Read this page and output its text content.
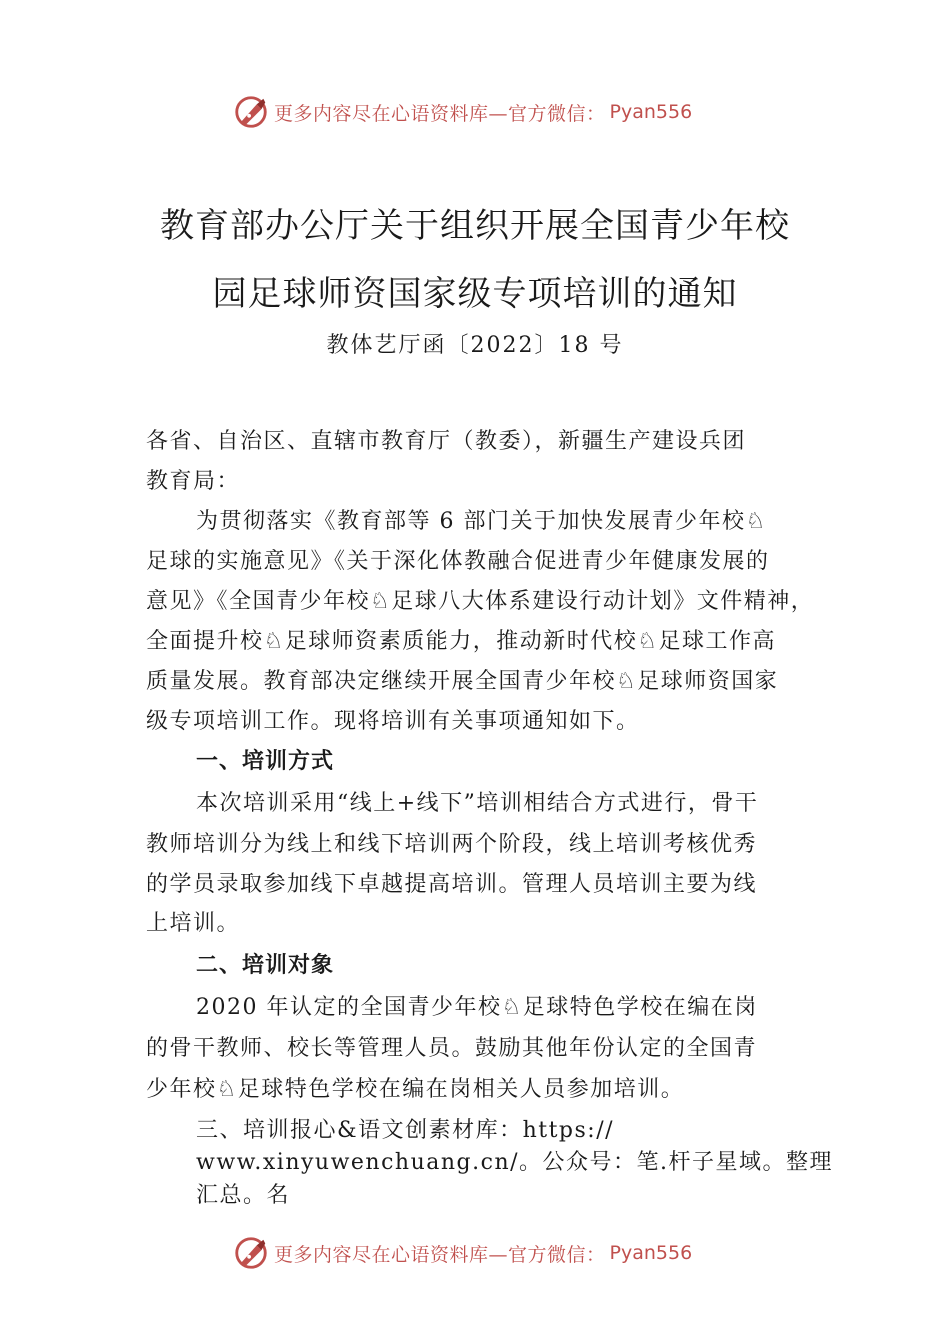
更多内容尽在心语资料库—官方微信： Pyan556
教育部办公厅关于组织开展全国青少年校
园足球师资国家级专项培训的通知
教体艺厅函〔2022〕18 号
各省、自治区、直辖市教育厅（教委），新疆生产建设兵团
教育局：
为贯彻落实《教育部等 6 部门关于加快发展青少年校♘
足球的实施意见》《关于深化体教融合促进青少年健康发展的
意见》《全国青少年校♘足球八大体系建设行动计划》文件精神，
全面提升校♘足球师资素质能力，推动新时代校♘足球工作高
质量发展。教育部决定继续开展全国青少年校♘足球师资国家
级专项培训工作。现将培训有关事项通知如下。
一、培训方式
本次培训采用“线上+线下”培训相结合方式进行，骨干
教师培训分为线上和线下培训两个阶段，线上培训考核优秀
的学员录取参加线下卓越提高培训。管理人员培训主要为线
上培训。
二、培训对象
2020 年认定的全国青少年校♘足球特色学校在编在岗
的骨干教师、校长等管理人员。鼓励其他年份认定的全国青
少年校♘足球特色学校在编在岗相关人员参加培训。
三、培训报心&语文创素材库：https://
www.xinyuwenchuang.cn/。公众号：笔.杆子星域。整理
汇总。名
更多内容尽在心语资料库—官方微信： Pyan556
